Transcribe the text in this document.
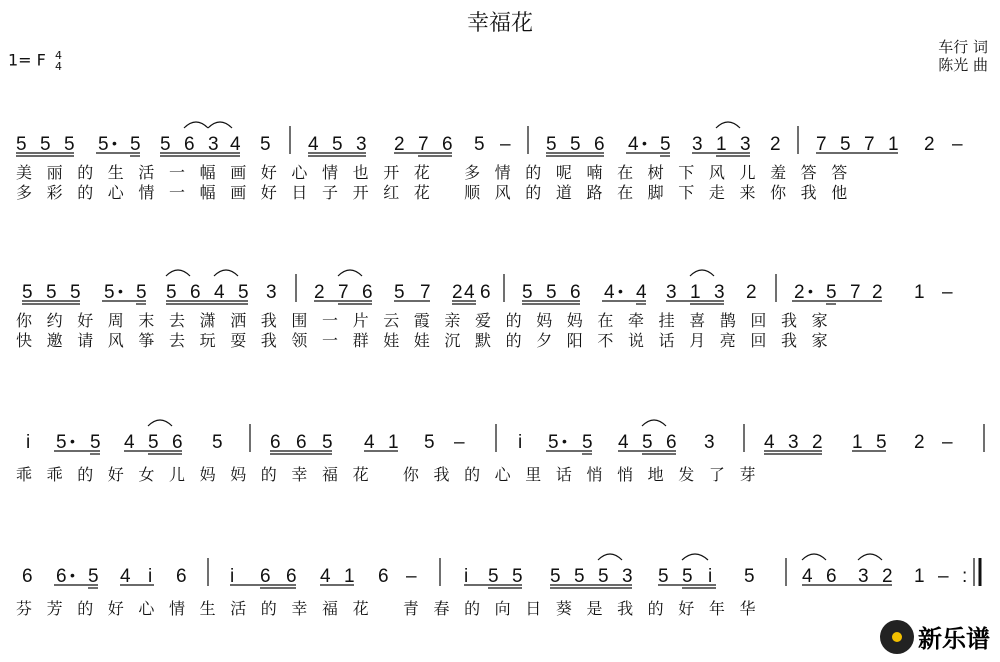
幸福花
1= F 4
4
车行 词
陈光 曲
5 5 5 5 • 5 5 6 3 4 5 4 5 3 2 7 6 5 – 5 5 6 4 • 5 3 1 3 2 7 5 7 1 2 –
美丽的生活一幅画好心情也开花 多情的呢喃在树下风儿羞答答
多彩的心情一幅画好日子开红花 顺风的道路在脚下走来你我他
5 5 5 5 • 5 5 6 4 5 3 2 7 6 5 7 2 4 6 5 5 6 4 • 4 3 1 3 2 2 • 5 7 2 1 –
你约好周末去潇洒我围一片云霞亲爱的妈妈在牵挂喜鹊回我家
快邀请风筝去玩耍我领一群娃娃沉默的夕阳不说话月亮回我家
i 5 • 5 4 5 6 5 6 6 5 4 1 5 –	i 5 • 5 4 5 6 3	4 3 2 1 5 2 –
乖乖的好女儿妈妈的幸福花 你我的心里话悄悄地发了芽
6 6 • 5 4 i 6 i 6 6 4 1 6 – i 5 5 5 5 5 3 5 5 i 5 4 6 3 2 1 – :
芬芳的好心情生活的幸福花 青春的向日葵是我的好年华
新乐谱
